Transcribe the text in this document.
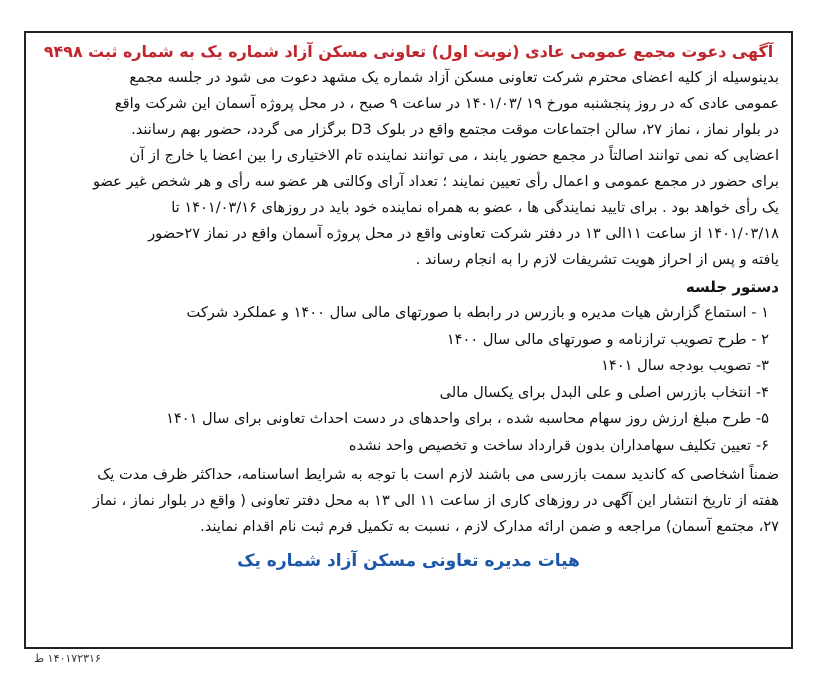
آگهی دعوت مجمع عمومی عادی (نوبت اول) تعاونی مسکن آزاد شماره یک به شماره ثبت ۹۴۹۸
بدینوسیله از کلیه اعضای محترم شرکت تعاونی مسکن آزاد شماره یک مشهد دعوت می شود در جلسه مجمع
عمومی عادی که در روز پنجشنبه مورخ ۱۹ /۱۴۰۱/۰۳ در ساعت ۹ صبح ، در محل پروژه آسمان این شرکت واقع
در بلوار نماز ، نماز ۲۷، سالن اجتماعات موقت مجتمع واقع در بلوک D3 برگزار می گردد، حضور بهم رسانند.
اعضایی که نمی توانند اصالتاً در مجمع حضور یابند ، می توانند نماینده تام الاختیاری را بین اعضا یا خارج از آن
برای حضور در مجمع عمومی و اعمال رأی تعیین نمایند ؛ تعداد آرای وکالتی هر عضو سه رأی و هر شخص غیر عضو
یک رأی خواهد بود . برای تایید نمایندگی ها ، عضو به همراه نماینده خود باید در روزهای ۱۴۰۱/۰۳/۱۶ تا
۱۴۰۱/۰۳/۱۸ از ساعت ۱۱الی ۱۳ در دفتر شرکت تعاونی واقع در محل پروژه آسمان واقع در نماز ۲۷حضور
یافته و پس از احراز هویت تشریفات لازم را به انجام رساند .
دستور جلسه
۱ - استماع گزارش هیات مدیره و بازرس در رابطه با صورتهای مالی سال ۱۴۰۰ و عملکرد شرکت
۲ - طرح تصویب ترازنامه و صورتهای مالی سال ۱۴۰۰
۳- تصویب بودجه سال ۱۴۰۱
۴- انتخاب بازرس اصلی و علی البدل برای یکسال مالی
۵- طرح مبلغ ارزش روز سهام محاسبه شده ، برای واحدهای در دست احداث تعاونی برای سال ۱۴۰۱
۶- تعیین تکلیف سهامداران بدون قرارداد ساخت و تخصیص واحد نشده
ضمناً اشخاصی که کاندید سمت بازرسی می باشند لازم است با توجه به شرایط اساسنامه، حداکثر ظرف مدت یک
هفته از تاریخ انتشار این آگهی در روزهای کاری از ساعت ۱۱ الی ۱۳ به محل دفتر تعاونی ( واقع در بلوار نماز ، نماز
۲۷، مجتمع آسمان) مراجعه و ضمن ارائه مدارک لازم ، نسبت به تکمیل فرم ثبت نام اقدام نمایند.
هیات مدیره تعاونی مسکن آزاد شماره یک
۱۴۰۱۷۲۳۱۶ ط
